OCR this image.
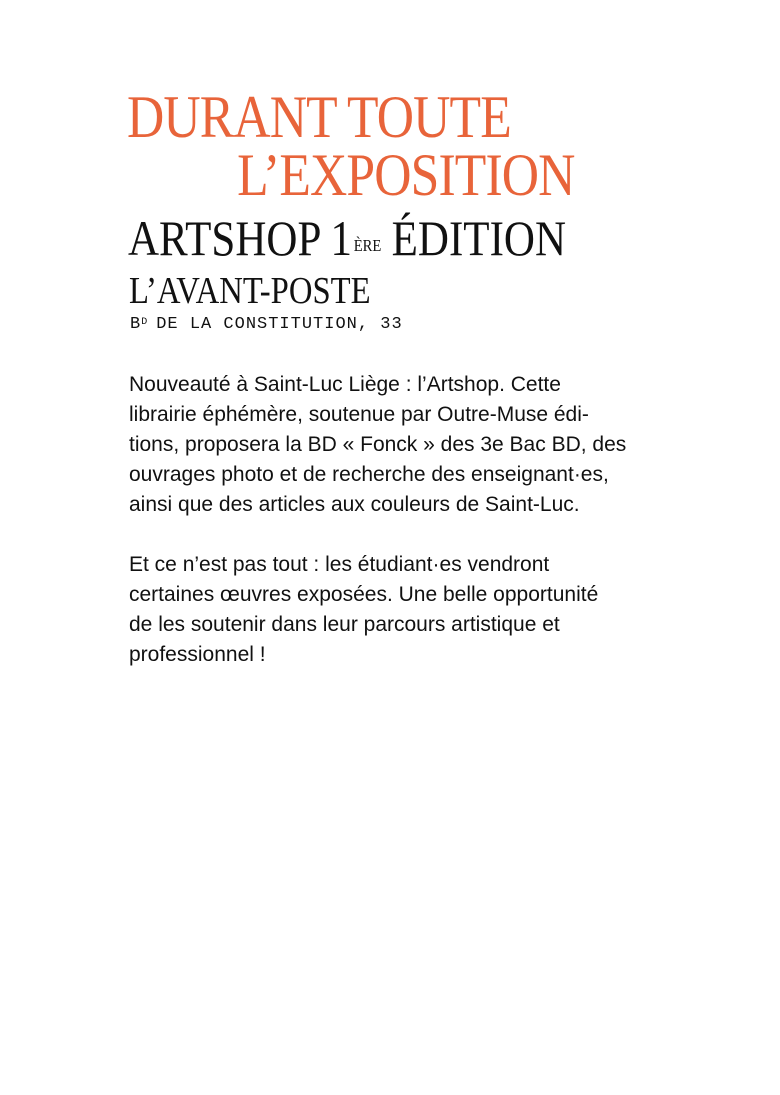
DURANT TOUTE
L’EXPOSITION
ARTSHOP 1 $^{ÈRE}$ ÉDITION
L’AVANT-POSTE

$B^D$ DE LA CONSTITUTION, 33

Nouveauté à Saint-Luc Liège : l’Artshop. Cette
librairie éphémère, soutenue par Outre-Muse édi-
tions, proposera la BD « Fonck » des 3e Bac BD, des
ouvrages photo et de recherche des enseignant·es,
ainsi que des articles aux couleurs de Saint-Luc.

Et ce n’est pas tout : les étudiant·es vendront
certaines œuvres exposées. Une belle opportunité
de les soutenir dans leur parcours artistique et
professionnel !
